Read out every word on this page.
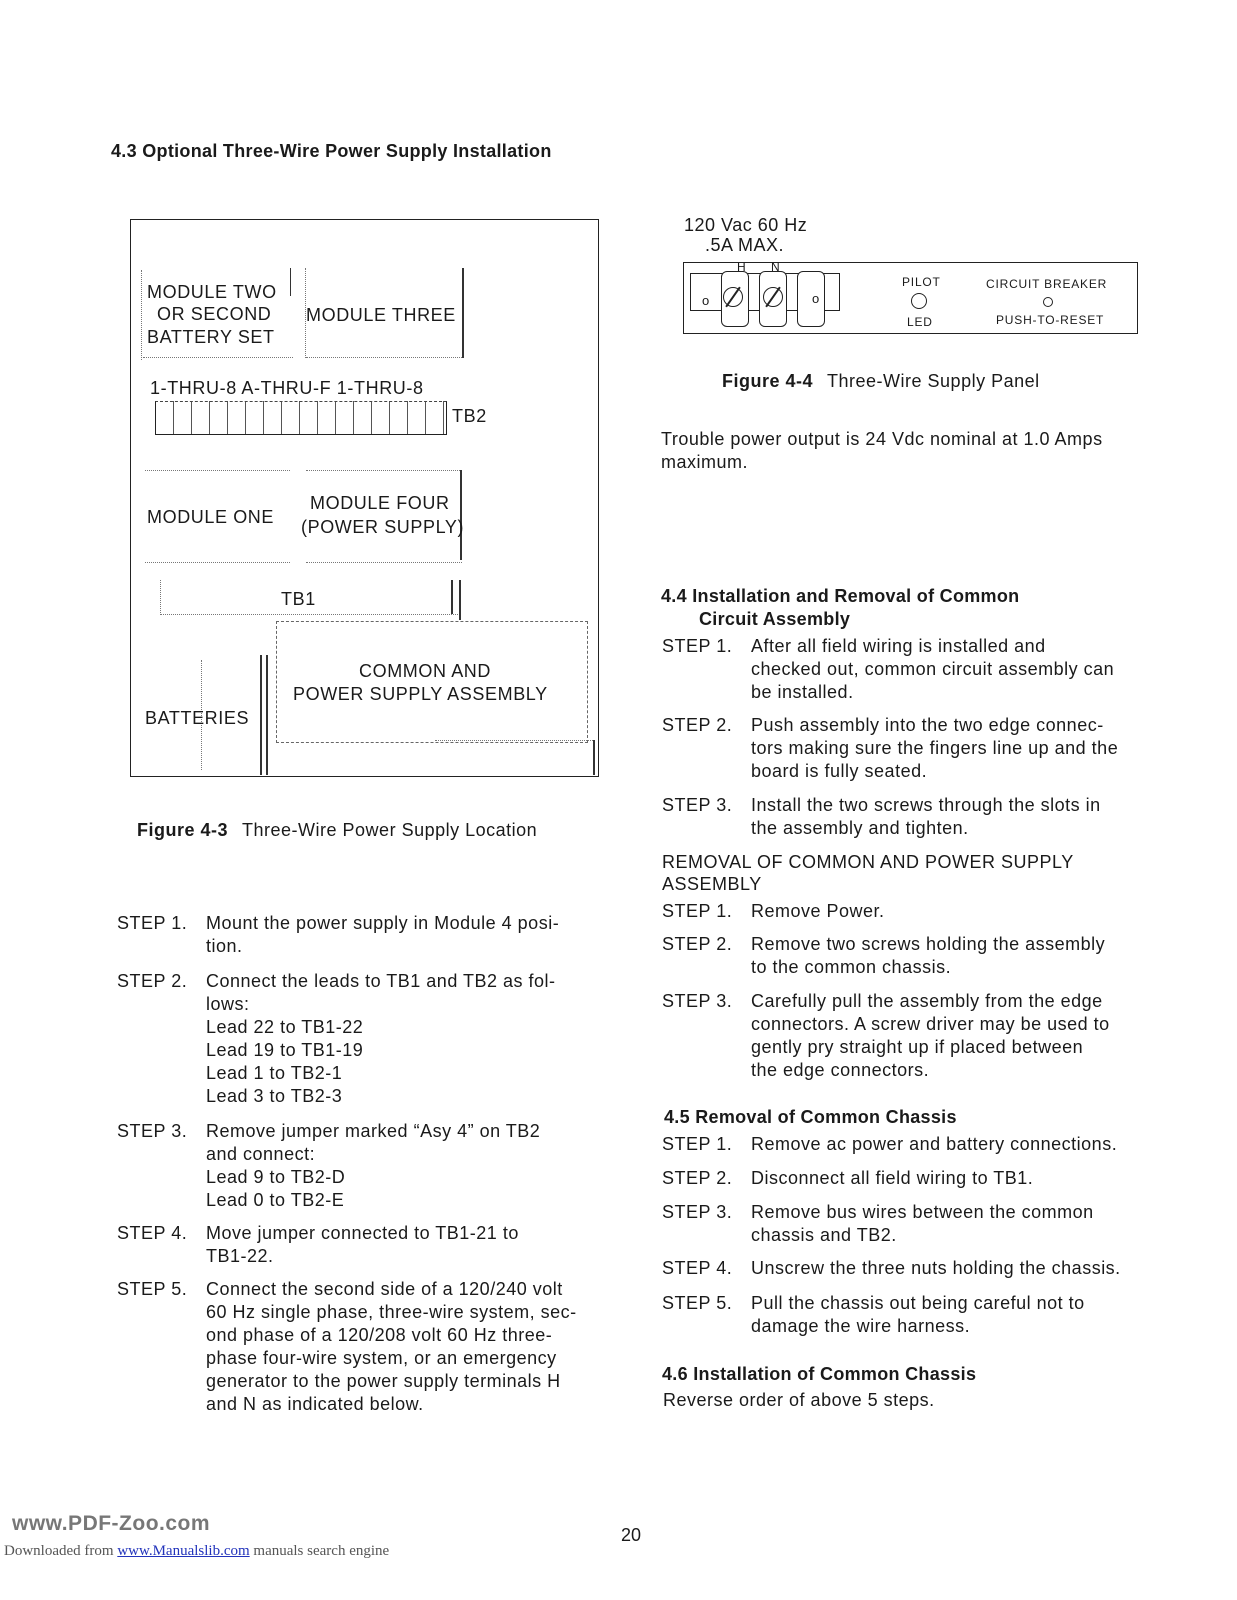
4.3 Optional Three-Wire Power Supply Installation
MODULE TWO
OR SECOND
BATTERY SET
MODULE THREE
1-THRU-8 A-THRU-F 1-THRU-8
TB2
MODULE ONE
MODULE FOUR
(POWER SUPPLY)
TB1
COMMON AND
POWER SUPPLY ASSEMBLY
BATTERIES
Figure 4-3 Three-Wire Power Supply Location
STEP 1. Mount the power supply in Module 4 posi-
tion.
STEP 2. Connect the leads to TB1 and TB2 as fol-
lows:
Lead 22 to TB1-22
Lead 19 to TB1-19
Lead 1 to TB2-1
Lead 3 to TB2-3
STEP 3. Remove jumper marked “Asy 4” on TB2
and connect:
Lead 9 to TB2-D
Lead 0 to TB2-E
STEP 4. Move jumper connected to TB1-21 to
TB1-22.
STEP 5. Connect the second side of a 120/240 volt
60 Hz single phase, three-wire system, sec-
ond phase of a 120/208 volt 60 Hz three-
phase four-wire system, or an emergency
generator to the power supply terminals H
and N as indicated below.
120 Vac 60 Hz
.5A MAX.
o	o
H N
PILOT
LED
CIRCUIT BREAKER
PUSH-TO-RESET
Figure 4-4 Three-Wire Supply Panel
Trouble power output is 24 Vdc nominal at 1.0 Amps maximum.
4.4 Installation and Removal of Common
Circuit Assembly
STEP 1. After all field wiring is installed and
checked out, common circuit assembly can
be installed.
STEP 2. Push assembly into the two edge connec-
tors making sure the fingers line up and the
board is fully seated.
STEP 3. Install the two screws through the slots in
the assembly and tighten.
REMOVAL OF COMMON AND POWER SUPPLY
ASSEMBLY
STEP 1. Remove Power.
STEP 2. Remove two screws holding the assembly
to the common chassis.
STEP 3. Carefully pull the assembly from the edge
connectors. A screw driver may be used to
gently pry straight up if placed between
the edge connectors.
4.5 Removal of Common Chassis
STEP 1. Remove ac power and battery connections.
STEP 2. Disconnect all field wiring to TB1.
STEP 3. Remove bus wires between the common
chassis and TB2.
STEP 4. Unscrew the three nuts holding the chassis.
STEP 5. Pull the chassis out being careful not to
damage the wire harness.
4.6 Installation of Common Chassis
Reverse order of above 5 steps.
www.PDF-Zoo.com
Downloaded from www.Manualslib.com manuals search engine
20
